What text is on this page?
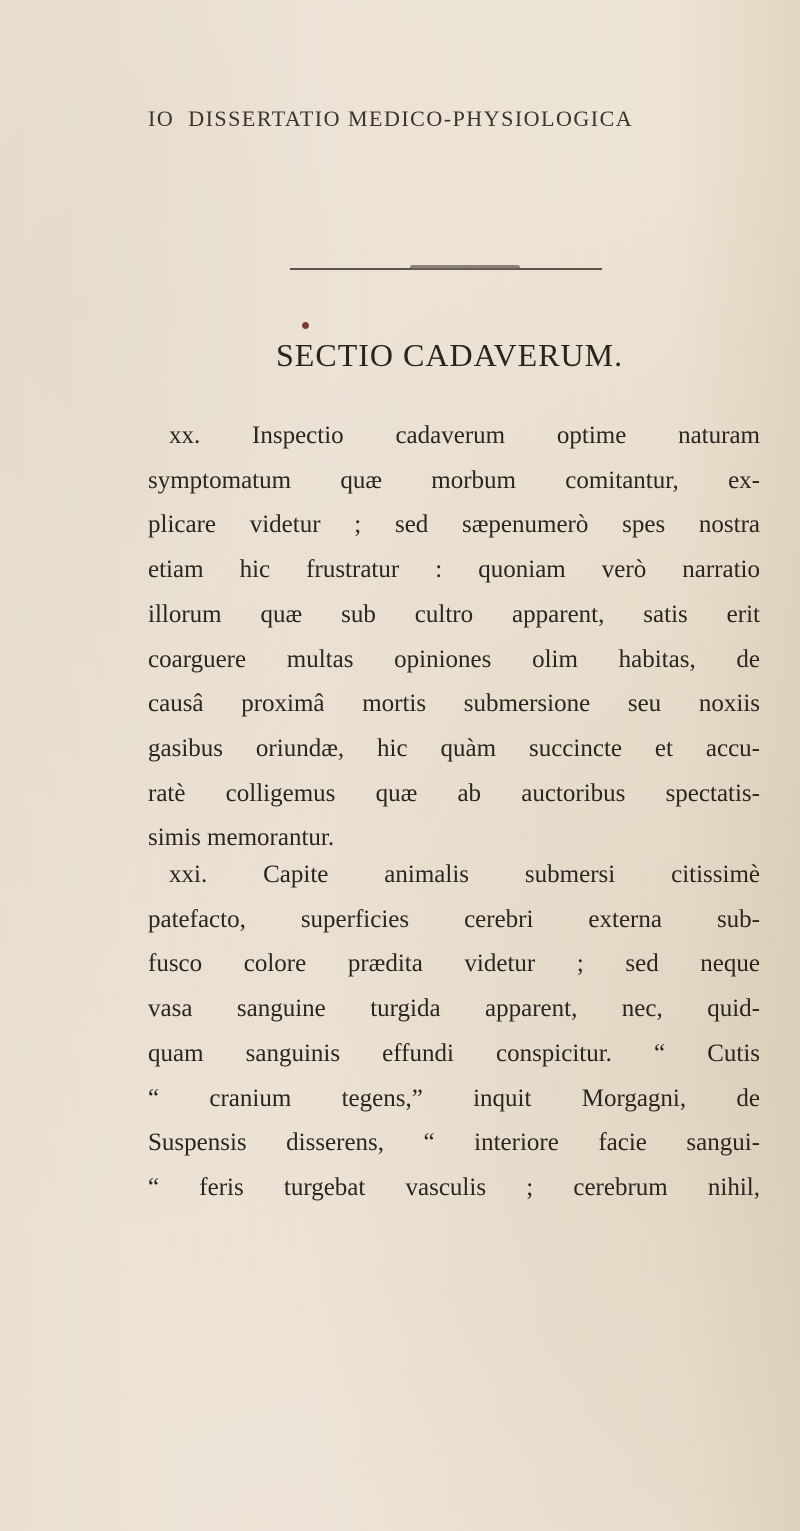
IO DISSERTATIO MEDICO-PHYSIOLOGICA
SECTIO CADAVERUM.
xx. Inspectio cadaverum optime naturam
symptomatum quæ morbum comitantur, ex-
plicare videtur ; sed sæpenumerò spes nostra
etiam hic frustratur : quoniam verò narratio
illorum quæ sub cultro apparent, satis erit
coarguere multas opiniones olim habitas, de
causâ proximâ mortis submersione seu noxiis
gasibus oriundæ, hic quàm succincte et accu-
ratè colligemus quæ ab auctoribus spectatis-
simis memorantur.
xxi. Capite animalis submersi citissimè
patefacto, superficies cerebri externa sub-
fusco colore prædita videtur ; sed neque
vasa sanguine turgida apparent, nec, quid-
quam sanguinis effundi conspicitur. “ Cutis
“ cranium tegens,” inquit Morgagni, de
Suspensis disserens, “ interiore facie sangui-
“ feris turgebat vasculis ; cerebrum nihil,
